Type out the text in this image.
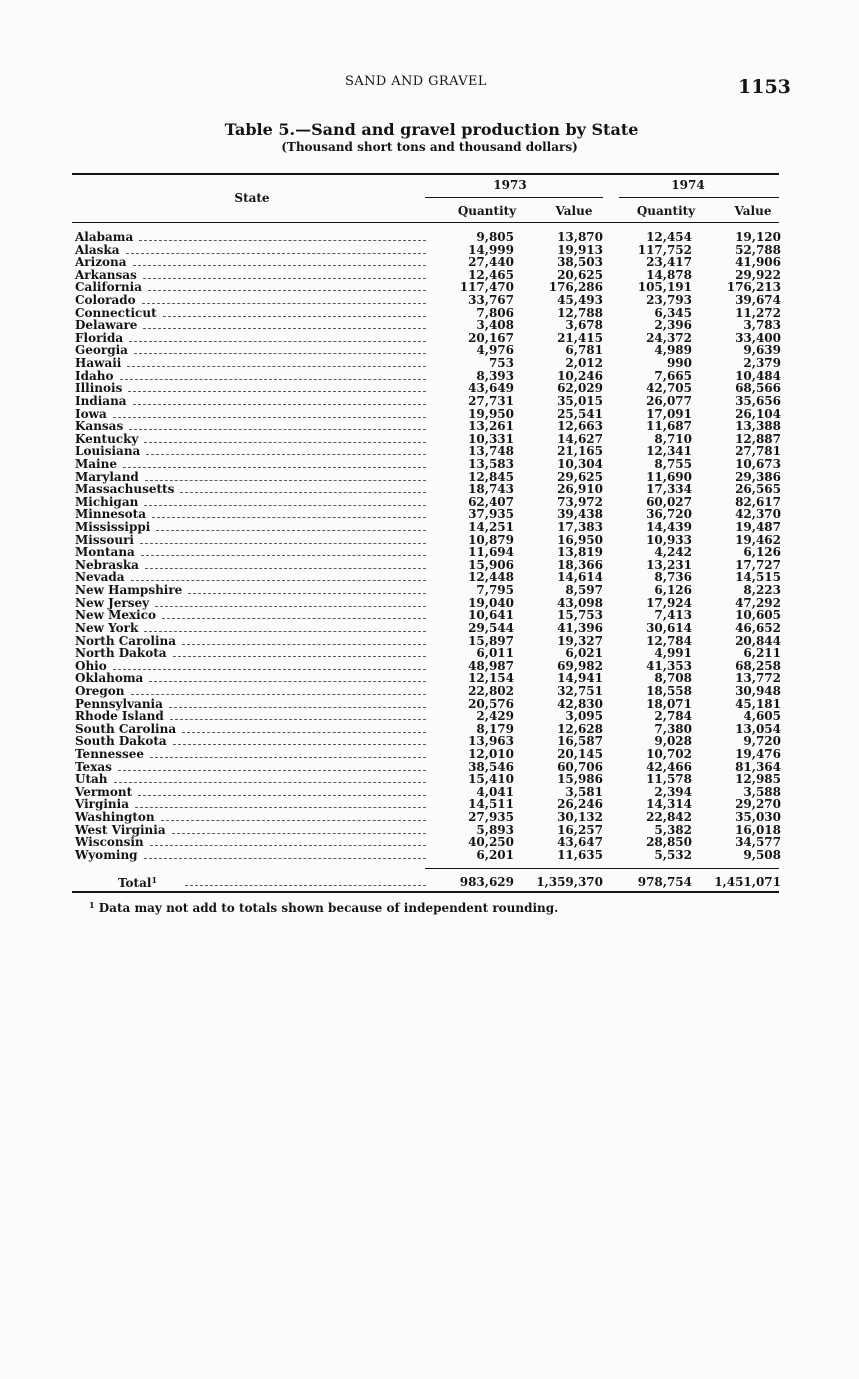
SAND AND GRAVEL	1153
Table 5.—Sand and gravel production by State
(Thousand short tons and thousand dollars)
State
1973	1974
Quantity	Value	Quantity	Value
Alabama	9,805	13,870	12,454	19,120
Alaska	14,999	19,913	117,752	52,788
Arizona	27,440	38,503	23,417	41,906
Arkansas	12,465	20,625	14,878	29,922
California	117,470	176,286	105,191	176,213
Colorado	33,767	45,493	23,793	39,674
Connecticut	7,806	12,788	6,345	11,272
Delaware	3,408	3,678	2,396	3,783
Florida	20,167	21,415	24,372	33,400
Georgia	4,976	6,781	4,989	9,639
Hawaii	753	2,012	990	2,379
Idaho	8,393	10,246	7,665	10,484
Illinois	43,649	62,029	42,705	68,566
Indiana	27,731	35,015	26,077	35,656
Iowa	19,950	25,541	17,091	26,104
Kansas	13,261	12,663	11,687	13,388
Kentucky	10,331	14,627	8,710	12,887
Louisiana	13,748	21,165	12,341	27,781
Maine	13,583	10,304	8,755	10,673
Maryland	12,845	29,625	11,690	29,386
Massachusetts	18,743	26,910	17,334	26,565
Michigan	62,407	73,972	60,027	82,617
Minnesota	37,935	39,438	36,720	42,370
Mississippi	14,251	17,383	14,439	19,487
Missouri	10,879	16,950	10,933	19,462
Montana	11,694	13,819	4,242	6,126
Nebraska	15,906	18,366	13,231	17,727
Nevada	12,448	14,614	8,736	14,515
New Hampshire	7,795	8,597	6,126	8,223
New Jersey	19,040	43,098	17,924	47,292
New Mexico	10,641	15,753	7,413	10,605
New York	29,544	41,396	30,614	46,652
North Carolina	15,897	19,327	12,784	20,844
North Dakota	6,011	6,021	4,991	6,211
Ohio	48,987	69,982	41,353	68,258
Oklahoma	12,154	14,941	8,708	13,772
Oregon	22,802	32,751	18,558	30,948
Pennsylvania	20,576	42,830	18,071	45,181
Rhode Island	2,429	3,095	2,784	4,605
South Carolina	8,179	12,628	7,380	13,054
South Dakota	13,963	16,587	9,028	9,720
Tennessee	12,010	20,145	10,702	19,476
Texas	38,546	60,706	42,466	81,364
Utah	15,410	15,986	11,578	12,985
Vermont	4,041	3,581	2,394	3,588
Virginia	14,511	26,246	14,314	29,270
Washington	27,935	30,132	22,842	35,030
West Virginia	5,893	16,257	5,382	16,018
Wisconsin	40,250	43,647	28,850	34,577
Wyoming	6,201	11,635	5,532	9,508
Total$^1$	983,629	1,359,370	978,754	1,451,071
$^1$ Data may not add to totals shown because of independent rounding.
